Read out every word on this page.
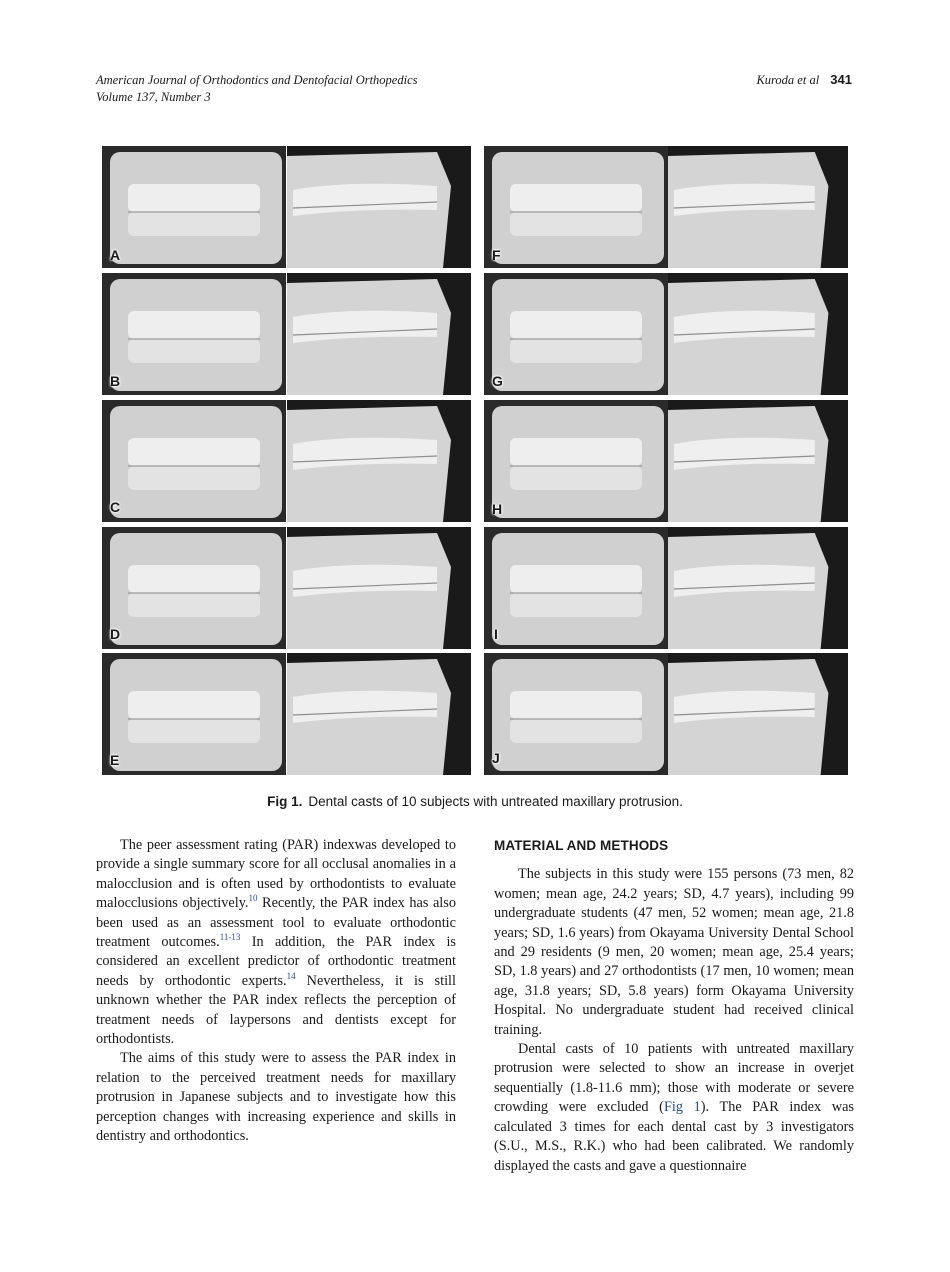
American Journal of Orthodontics and Dentofacial Orthopedics
Volume 137, Number 3
Kuroda et al 341
A
B
C
D
E
F
G
H
I
J
Fig 1. Dental casts of 10 subjects with untreated maxillary protrusion.

The peer assessment rating (PAR) indexwas developed to provide a single summary score for all occlusal anomalies in a malocclusion and is often used by orthodontists to evaluate malocclusions objectively.$^{10}$ Recently, the PAR index has also been used as an assessment tool to evaluate orthodontic treatment outcomes.$^{11-13}$ In addition, the PAR index is considered an excellent predictor of orthodontic treatment needs by orthodontic experts.$^{14}$ Nevertheless, it is still unknown whether the PAR index reflects the perception of treatment needs of laypersons and dentists except for orthodontists.

The aims of this study were to assess the PAR index in relation to the perceived treatment needs for maxillary protrusion in Japanese subjects and to investigate how this perception changes with increasing experience and skills in dentistry and orthodontics.

MATERIAL AND METHODS

The subjects in this study were 155 persons (73 men, 82 women; mean age, 24.2 years; SD, 4.7 years), including 99 undergraduate students (47 men, 52 women; mean age, 21.8 years; SD, 1.6 years) from Okayama University Dental School and 29 residents (9 men, 20 women; mean age, 25.4 years; SD, 1.8 years) and 27 orthodontists (17 men, 10 women; mean age, 31.8 years; SD, 5.8 years) form Okayama University Hospital. No undergraduate student had received clinical training.

Dental casts of 10 patients with untreated maxillary protrusion were selected to show an increase in overjet sequentially (1.8-11.6 mm); those with moderate or severe crowding were excluded (Fig 1). The PAR index was calculated 3 times for each dental cast by 3 investigators (S.U., M.S., R.K.) who had been calibrated. We randomly displayed the casts and gave a questionnaire
